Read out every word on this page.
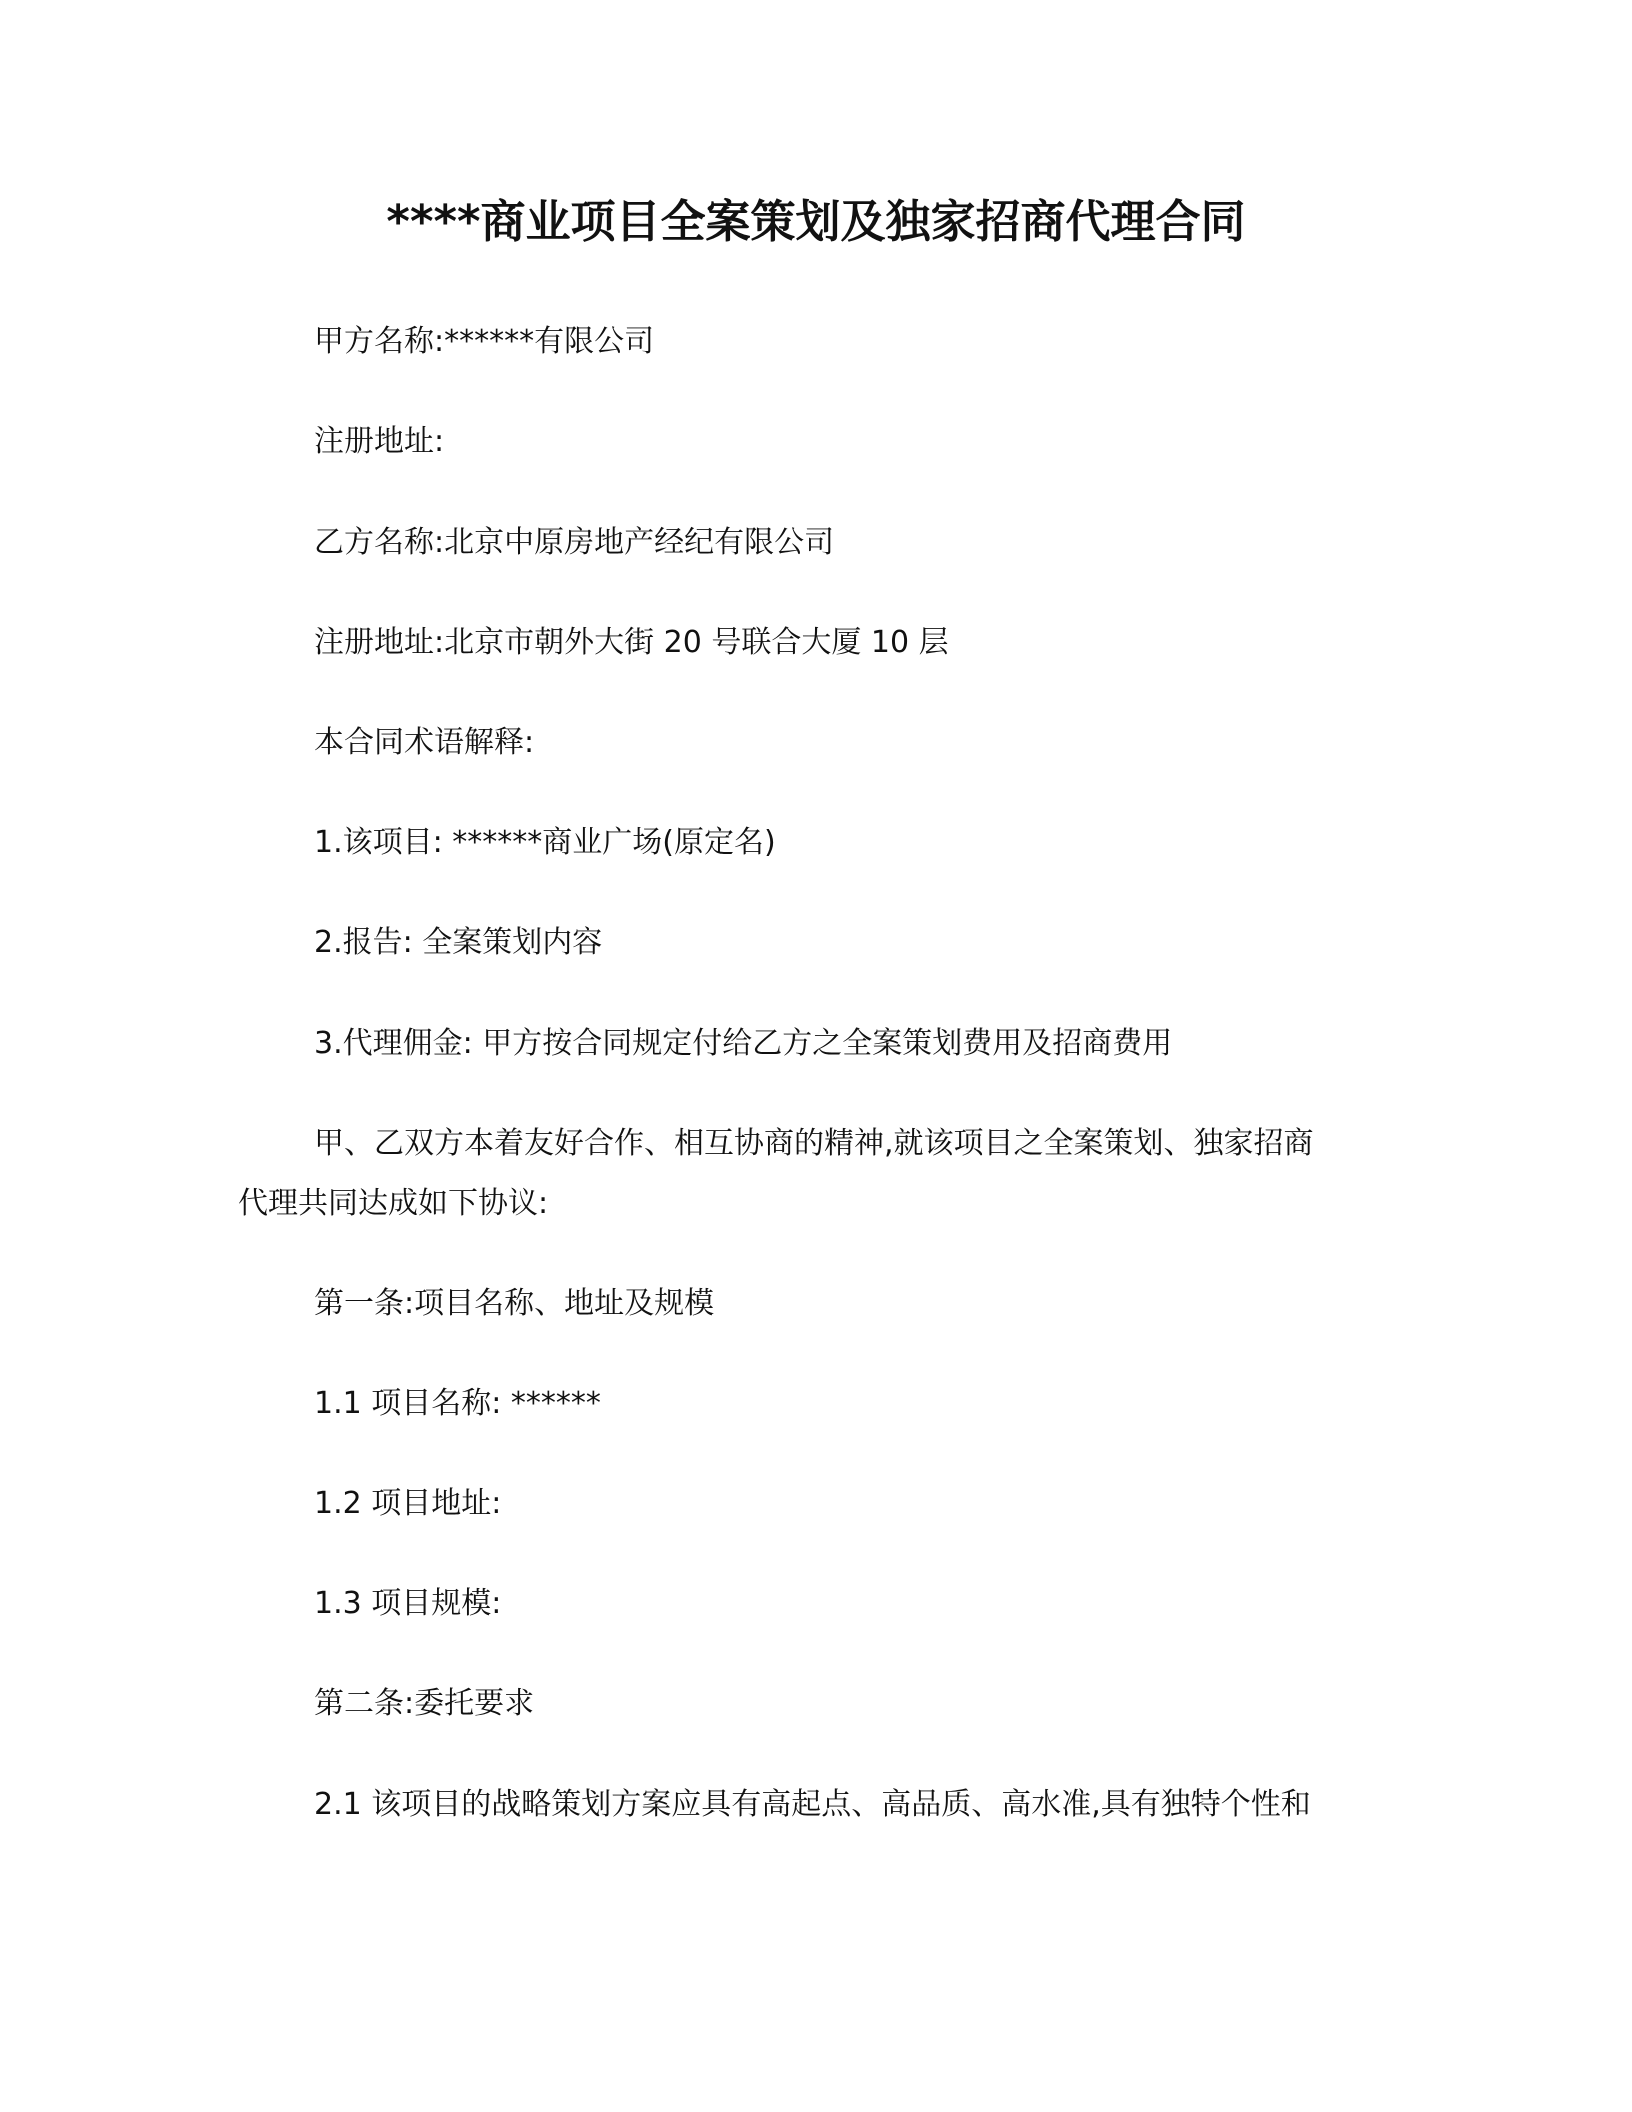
****商业项目全案策划及独家招商代理合同
甲方名称:******有限公司
注册地址:
乙方名称:北京中原房地产经纪有限公司
注册地址:北京市朝外大街 20 号联合大厦 10 层
本合同术语解释:
1.该项目: ******商业广场(原定名)
2.报告: 全案策划内容
3.代理佣金: 甲方按合同规定付给乙方之全案策划费用及招商费用
甲、乙双方本着友好合作、相互协商的精神,就该项目之全案策划、独家招商
代理共同达成如下协议:
第一条:项目名称、地址及规模
1.1 项目名称: ******
1.2 项目地址:
1.3 项目规模:
第二条:委托要求
2.1 该项目的战略策划方案应具有高起点、高品质、高水准,具有独特个性和
